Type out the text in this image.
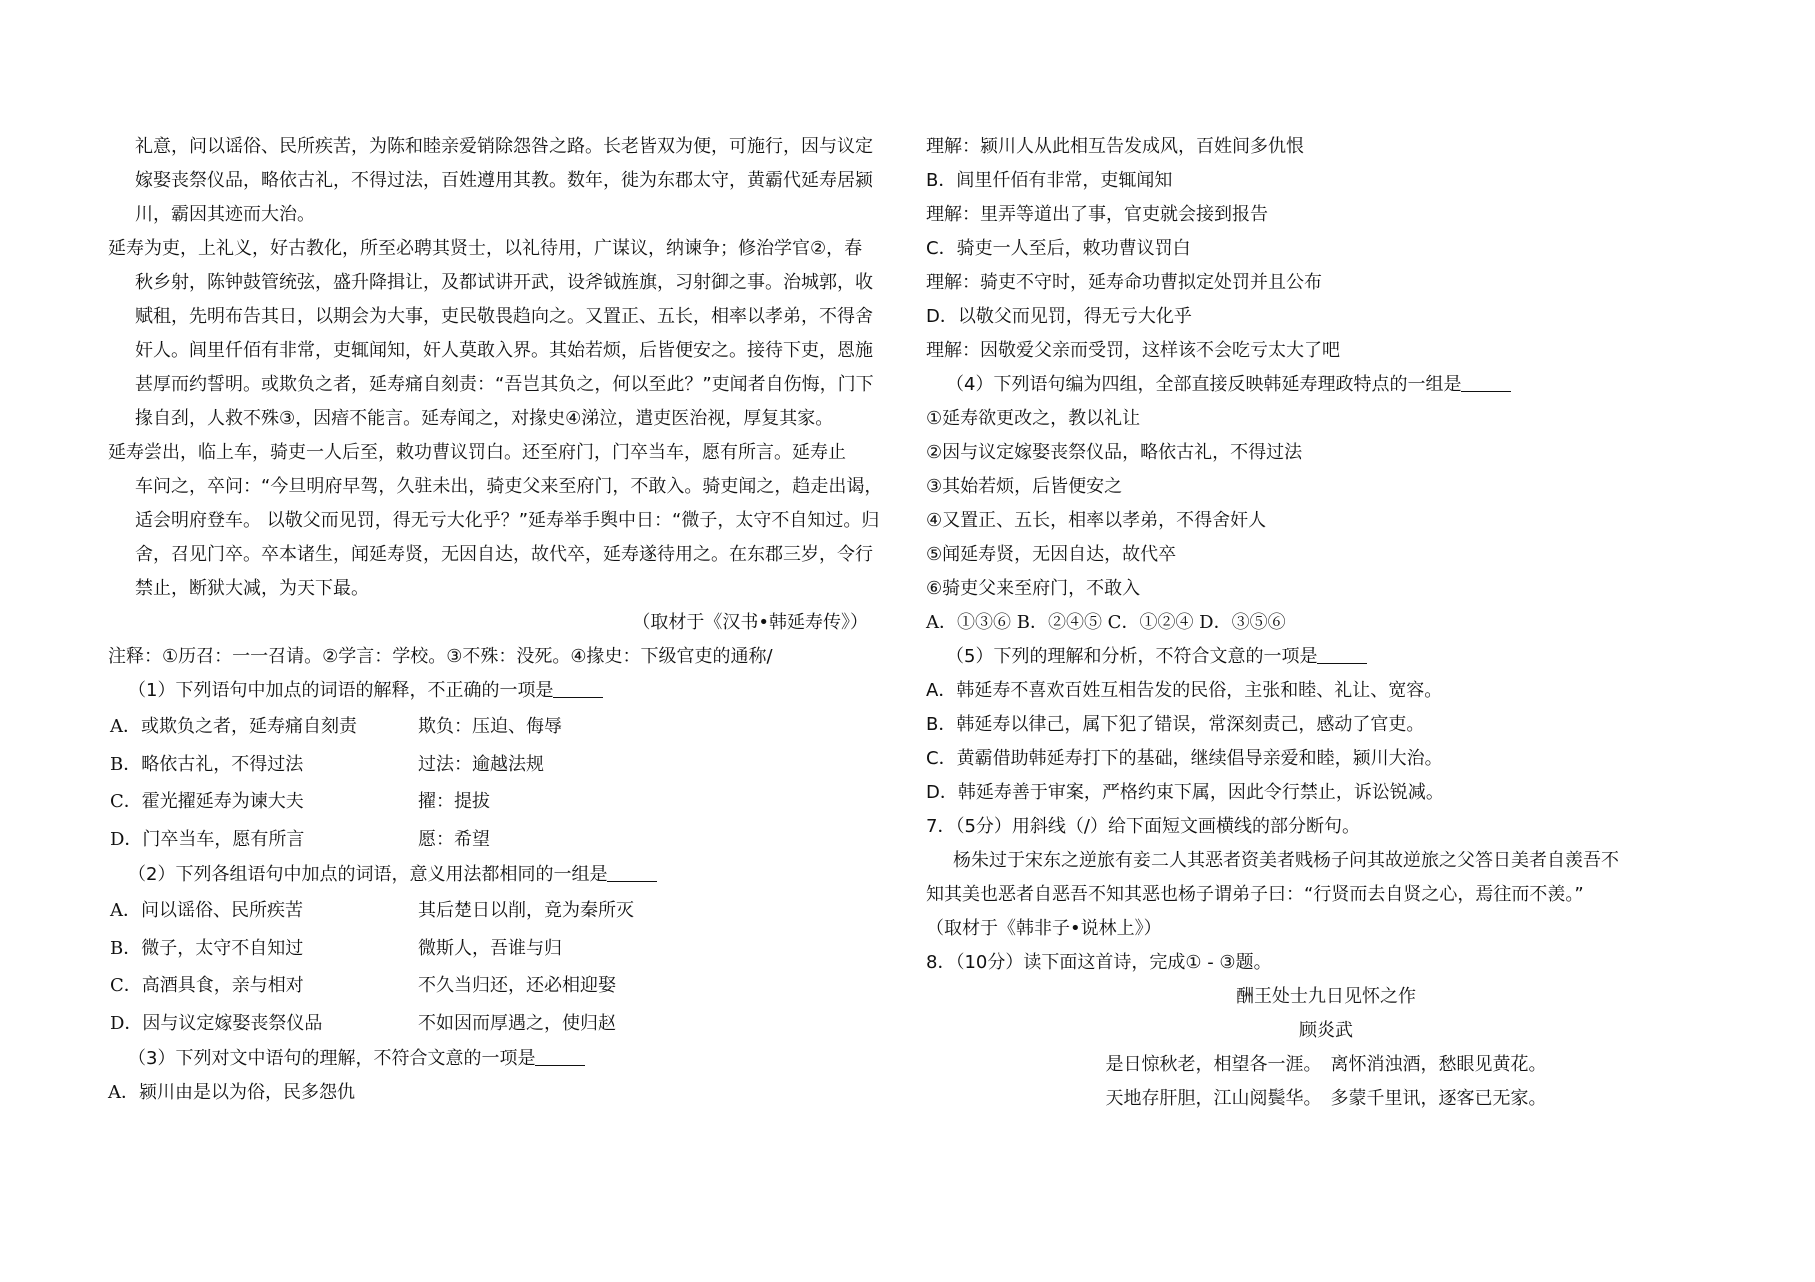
礼意，问以谣俗、民所疾苦，为陈和睦亲爱销除怨咎之路。长老皆双为便，可施行，因与议定
嫁娶丧祭仪品，略依古礼，不得过法，百姓遵用其教。数年，徙为东郡太守，黄霸代延寿居颍
川，霸因其迹而大治。
延寿为吏，上礼义，好古教化，所至必聘其贤士，以礼待用，广谋议，纳谏争；修治学官②，春
秋乡射，陈钟鼓管统弦，盛升降揖让，及都试讲开武，设斧钺旌旗，习射御之事。治城郭，收
赋租，先明布告其日，以期会为大事，吏民敬畏趋向之。又置正、五长，相率以孝弟，不得舍
奸人。闾里仟佰有非常，吏辄闻知，奸人莫敢入界。其始若烦，后皆便安之。接待下吏，恩施
甚厚而约誓明。或欺负之者，延寿痛自刻责：“吾岂其负之，何以至此？”吏闻者自伤悔，门下
掾自刭，人救不殊③，因瘖不能言。延寿闻之，对掾史④涕泣，遣吏医治视，厚复其家。
延寿尝出，临上车，骑吏一人后至，敕功曹议罚白。还至府门，门卒当车，愿有所言。延寿止
车问之，卒问：“今旦明府早驾，久驻未出，骑吏父来至府门，不敢入。骑吏闻之，趋走出谒，
适会明府登车。 以敬父而见罚，得无亏大化乎？”延寿举手舆中日：“微子，太守不自知过。归
舍，召见门卒。卒本诸生，闻延寿贤，无因自达，故代卒，延寿遂待用之。在东郡三岁，令行
禁止，断狱大减，为天下最。
（取材于《汉书•韩延寿传》）
注释：①历召：一一召请。②学言：学校。③不殊：没死。④掾史：下级官吏的通称/
（1）下列语句中加点的词语的解释，不正确的一项是
A．或欺负之者，延寿痛自刻责	欺负：压迫、侮辱
B．略依古礼，不得过法	过法：逾越法规
C．霍光擢延寿为谏大夫	擢：提拔
D．门卒当车，愿有所言	愿：希望
（2）下列各组语句中加点的词语，意义用法都相同的一组是
A．问以谣俗、民所疾苦	其后楚日以削，竟为秦所灭
B．微子，太守不自知过	微斯人，吾谁与归
C．高酒具食，亲与相对	不久当归还，还必相迎娶
D．因与议定嫁娶丧祭仪品	不如因而厚遇之，使归赵
（3）下列对文中语句的理解，不符合文意的一项是
A．颍川由是以为俗，民多怨仇
理解：颍川人从此相互告发成风，百姓间多仇恨
B．闾里仟佰有非常，吏辄闻知
理解：里弄等道出了事，官吏就会接到报告
C．骑吏一人至后，敕功曹议罚白
理解：骑吏不守时，延寿命功曹拟定处罚并且公布
D．以敬父而见罚，得无亏大化乎
理解：因敬爱父亲而受罚，这样该不会吃亏太大了吧
（4）下列语句编为四组，全部直接反映韩延寿理政特点的一组是
①延寿欲更改之，教以礼让
②因与议定嫁娶丧祭仪品，略依古礼，不得过法
③其始若烦，后皆便安之
④又置正、五长，相率以孝弟，不得舍奸人
⑤闻延寿贤，无因自达，故代卒
⑥骑吏父来至府门，不敢入
A．①③⑥ B．②④⑤ C．①②④ D．③⑤⑥
（5）下列的理解和分析，不符合文意的一项是
A．韩延寿不喜欢百姓互相告发的民俗，主张和睦、礼让、宽容。
B．韩延寿以律己，属下犯了错误，常深刻责己，感动了官吏。
C．黄霸借助韩延寿打下的基础，继续倡导亲爱和睦，颍川大治。
D．韩延寿善于审案，严格约束下属，因此令行禁止，诉讼锐减。
7．（5分）用斜线（/）给下面短文画横线的部分断句。
杨朱过于宋东之逆旅有妾二人其恶者资美者贱杨子问其故逆旅之父答日美者自羡吾不
知其美也恶者自恶吾不知其恶也杨子谓弟子曰：“行贤而去自贤之心，焉往而不羡。”
（取材于《韩非子•说林上》）
8．（10分）读下面这首诗，完成① - ③题。
酬王处士九日见怀之作
顾炎武
是日惊秋老，相望各一涯。　离怀消浊酒，愁眼见黄花。
天地存肝胆，江山阅鬓华。　多蒙千里讯，逐客已无家。
